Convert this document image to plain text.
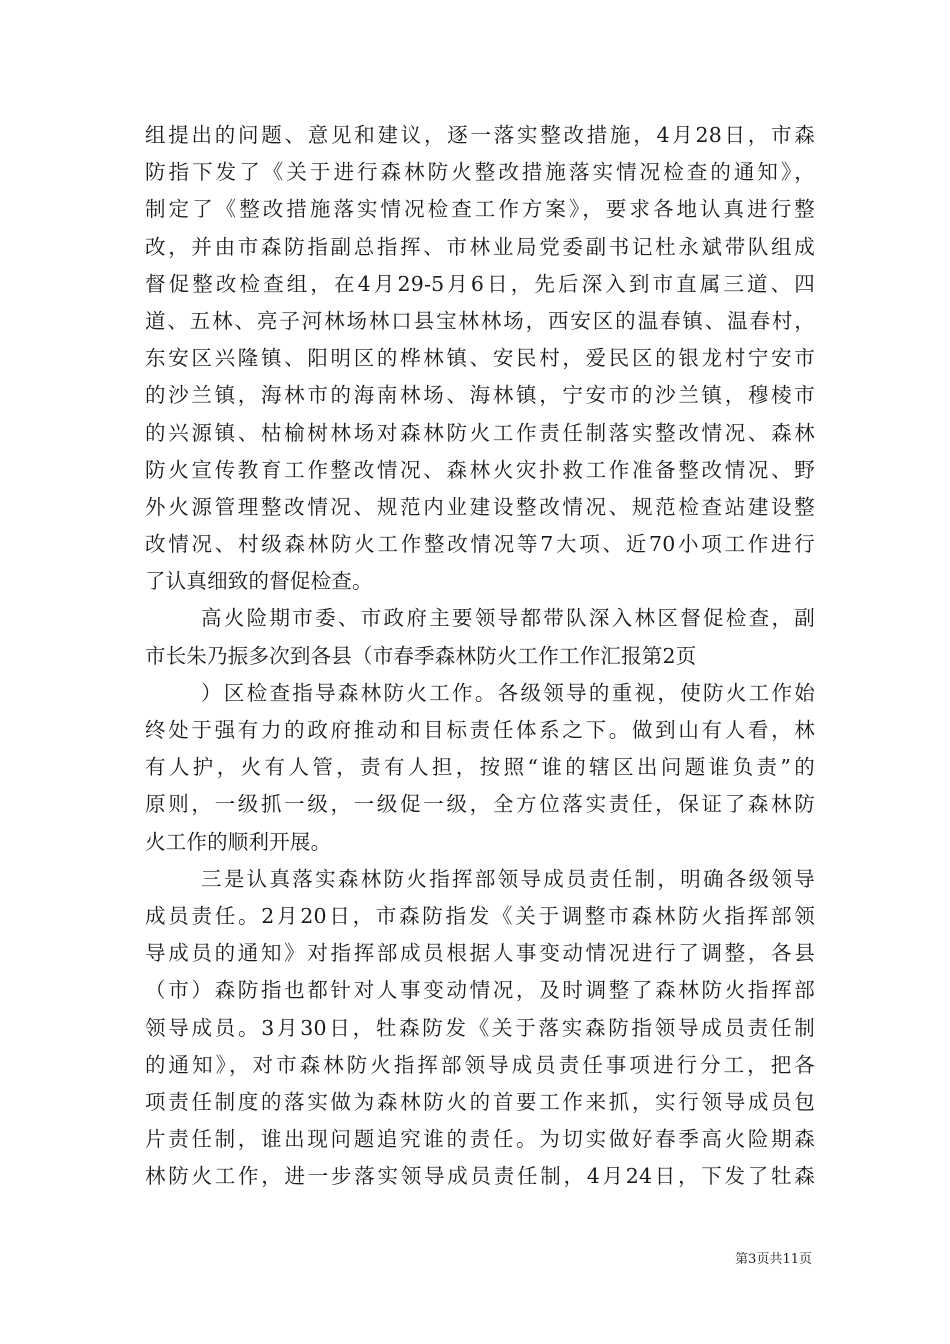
组提出的问题、意见和建议，逐一落实整改措施，4月28日，市森
防指下发了《关于进行森林防火整改措施落实情况检查的通知》，
制定了《整改措施落实情况检查工作方案》，要求各地认真进行整
改，并由市森防指副总指挥、市林业局党委副书记杜永斌带队组成
督促整改检查组，在4月29-5月6日，先后深入到市直属三道、四
道、五林、亮子河林场林口县宝林林场，西安区的温春镇、温春村，
东安区兴隆镇、阳明区的桦林镇、安民村，爱民区的银龙村宁安市
的沙兰镇，海林市的海南林场、海林镇，宁安市的沙兰镇，穆棱市
的兴源镇、枯榆树林场对森林防火工作责任制落实整改情况、森林
防火宣传教育工作整改情况、森林火灾扑救工作准备整改情况、野
外火源管理整改情况、规范内业建设整改情况、规范检查站建设整
改情况、村级森林防火工作整改情况等7大项、近70小项工作进行
了认真细致的督促检查。
高火险期市委、市政府主要领导都带队深入林区督促检查，副
市长朱乃振多次到各县（市春季森林防火工作工作汇报第2页
）区检查指导森林防火工作。各级领导的重视，使防火工作始
终处于强有力的政府推动和目标责任体系之下。做到山有人看，林
有人护，火有人管，责有人担，按照“谁的辖区出问题谁负责”的
原则，一级抓一级，一级促一级，全方位落实责任，保证了森林防
火工作的顺利开展。
三是认真落实森林防火指挥部领导成员责任制，明确各级领导
成员责任。2月20日，市森防指发《关于调整市森林防火指挥部领
导成员的通知》对指挥部成员根据人事变动情况进行了调整，各县
（市）森防指也都针对人事变动情况，及时调整了森林防火指挥部
领导成员。3月30日，牡森防发《关于落实森防指领导成员责任制
的通知》，对市森林防火指挥部领导成员责任事项进行分工，把各
项责任制度的落实做为森林防火的首要工作来抓，实行领导成员包
片责任制，谁出现问题追究谁的责任。为切实做好春季高火险期森
林防火工作，进一步落实领导成员责任制，4月24日，下发了牡森
第3页共11页
